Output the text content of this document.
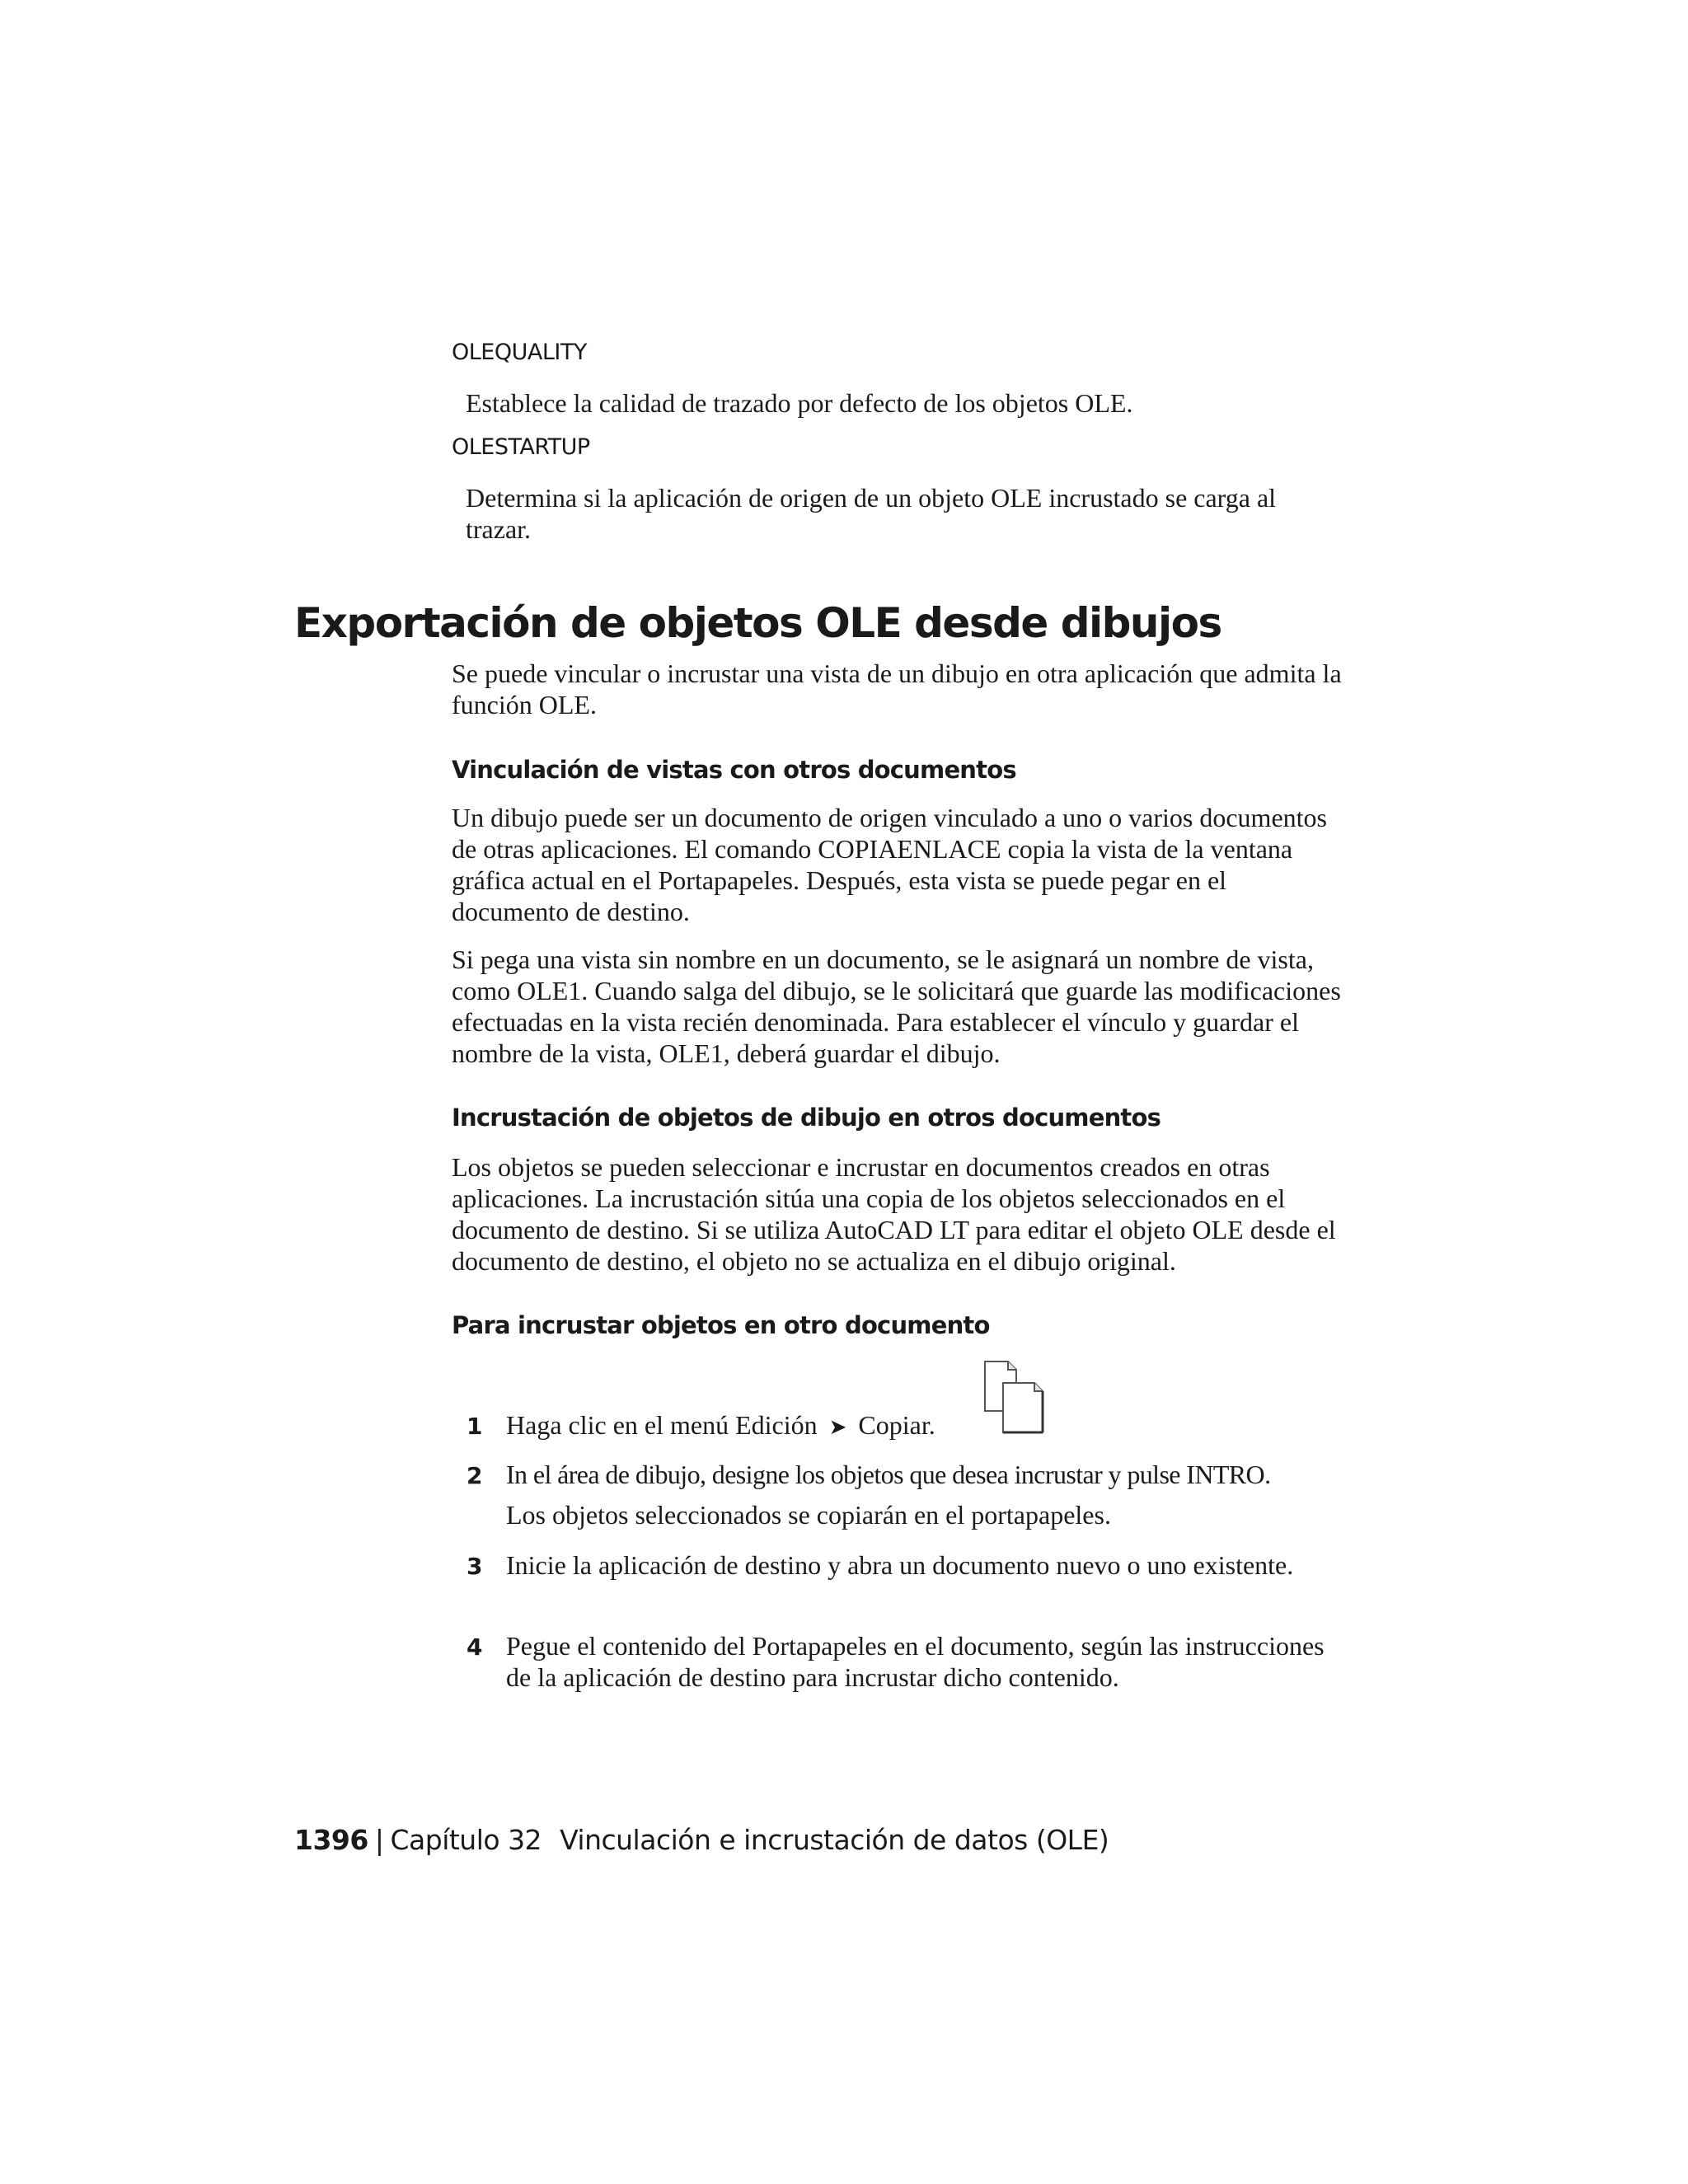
OLEQUALITY
Establece la calidad de trazado por defecto de los objetos OLE.
OLESTARTUP
Determina si la aplicación de origen de un objeto OLE incrustado se carga al trazar.
Exportación de objetos OLE desde dibujos
Se puede vincular o incrustar una vista de un dibujo en otra aplicación que admita la función OLE.
Vinculación de vistas con otros documentos
Un dibujo puede ser un documento de origen vinculado a uno o varios documentos de otras aplicaciones. El comando COPIAENLACE copia la vista de la ventana gráfica actual en el Portapapeles. Después, esta vista se puede pegar en el documento de destino.
Si pega una vista sin nombre en un documento, se le asignará un nombre de vista, como OLE1. Cuando salga del dibujo, se le solicitará que guarde las modificaciones efectuadas en la vista recién denominada. Para establecer el vínculo y guardar el nombre de la vista, OLE1, deberá guardar el dibujo.
Incrustación de objetos de dibujo en otros documentos
Los objetos se pueden seleccionar e incrustar en documentos creados en otras aplicaciones. La incrustación sitúa una copia de los objetos seleccionados en el documento de destino. Si se utiliza AutoCAD LT para editar el objeto OLE desde el documento de destino, el objeto no se actualiza en el dibujo original.
Para incrustar objetos en otro documento
1 Haga clic en el menú Edición ➤ Copiar.
2 In el área de dibujo, designe los objetos que desea incrustar y pulse INTRO.
Los objetos seleccionados se copiarán en el portapapeles.
3 Inicie la aplicación de destino y abra un documento nuevo o uno existente.
4 Pegue el contenido del Portapapeles en el documento, según las instrucciones de la aplicación de destino para incrustar dicho contenido.
1396 | Capítulo 32 Vinculación e incrustación de datos (OLE)
